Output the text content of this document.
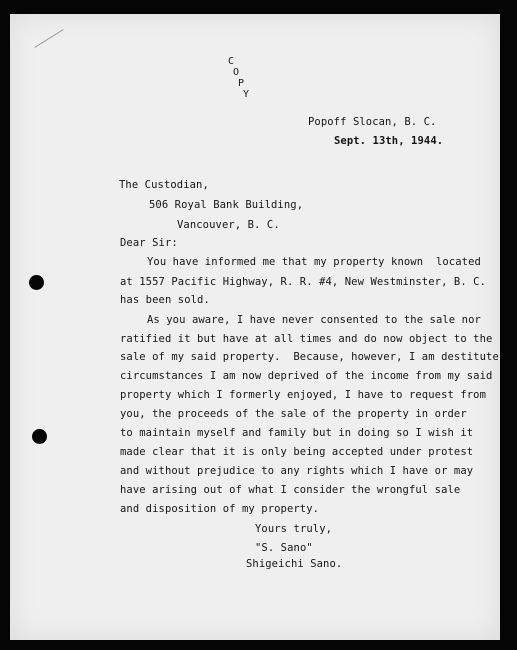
C
O
P
Y
Popoff Slocan, B. C.
Sept. 13th, 1944.
The Custodian,
506 Royal Bank Building,
Vancouver, B. C.
Dear Sir:
You have informed me that my property known  located
at 1557 Pacific Highway, R. R. #4, New Westminster, B. C.
has been sold.
As you aware, I have never consented to the sale nor
ratified it but have at all times and do now object to the
sale of my said property.  Because, however, I am destitute
circumstances I am now deprived of the income from my said
property which I formerly enjoyed, I have to request from
you, the proceeds of the sale of the property in order
to maintain myself and family but in doing so I wish it
made clear that it is only being accepted under protest
and without prejudice to any rights which I have or may
have arising out of what I consider the wrongful sale
and disposition of my property.
Yours truly,
"S. Sano"
Shigeichi Sano.
